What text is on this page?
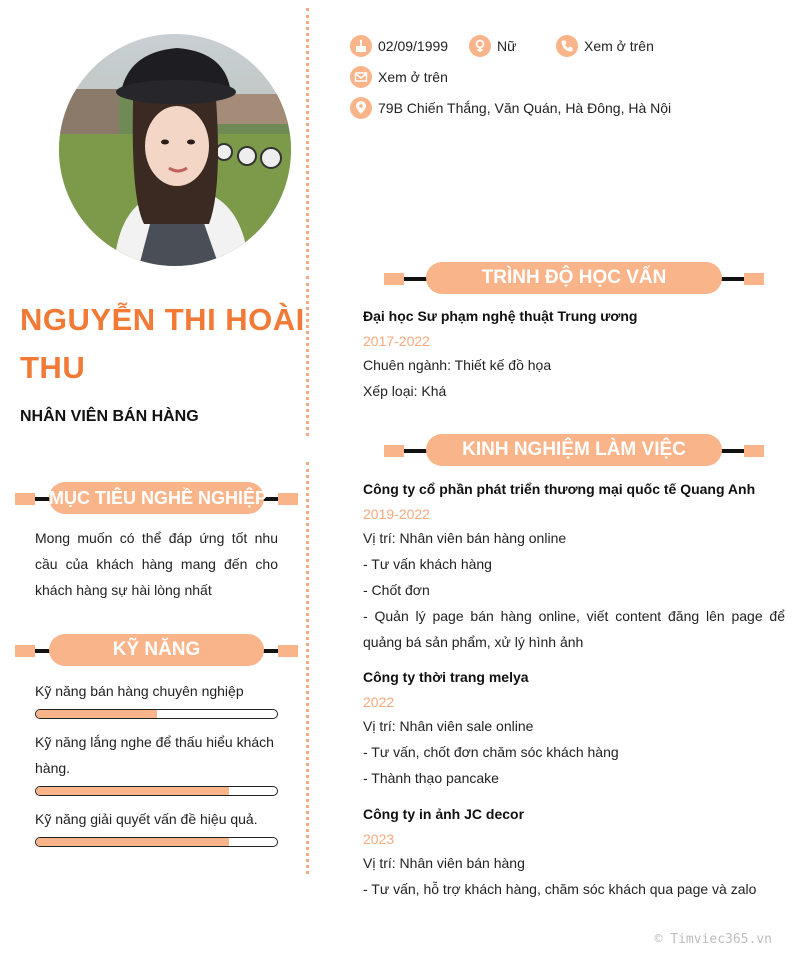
NGUYỄN THI HOÀI THU
NHÂN VIÊN BÁN HÀNG
02/09/1999	Nữ	Xem ở trên
Xem ở trên
79B Chiến Thắng, Văn Quán, Hà Đông, Hà Nội
MỤC TIÊU NGHỀ NGHIỆP
Mong muốn có thể đáp ứng tốt nhu cầu của khách hàng mang đến cho khách hàng sự hài lòng nhất
KỸ NĂNG
Kỹ năng bán hàng chuyên nghiệp
Kỹ năng lắng nghe để thấu hiểu khách hàng.
Kỹ năng giải quyết vấn đề hiệu quả.
TRÌNH ĐỘ HỌC VẤN
Đại học Sư phạm nghệ thuật Trung ương
2017-2022
Chuên ngành: Thiết kế đồ họa
Xếp loại: Khá
KINH NGHIỆM LÀM VIỆC
Công ty cổ phần phát triển thương mại quốc tế Quang Anh
2019-2022
Vị trí: Nhân viên bán hàng online
- Tư vấn khách hàng
- Chốt đơn
- Quản lý page bán hàng online, viết content đăng lên page để quảng bá sản phẩm, xử lý hình ảnh
Công ty thời trang melya
2022
Vị trí: Nhân viên sale online
- Tư vấn, chốt đơn chăm sóc khách hàng
- Thành thạo pancake
Công ty in ảnh JC decor
2023
Vị trí: Nhân viên bán hàng
- Tư vấn, hỗ trợ khách hàng, chăm sóc khách qua page và zalo
© Timviec365.vn
